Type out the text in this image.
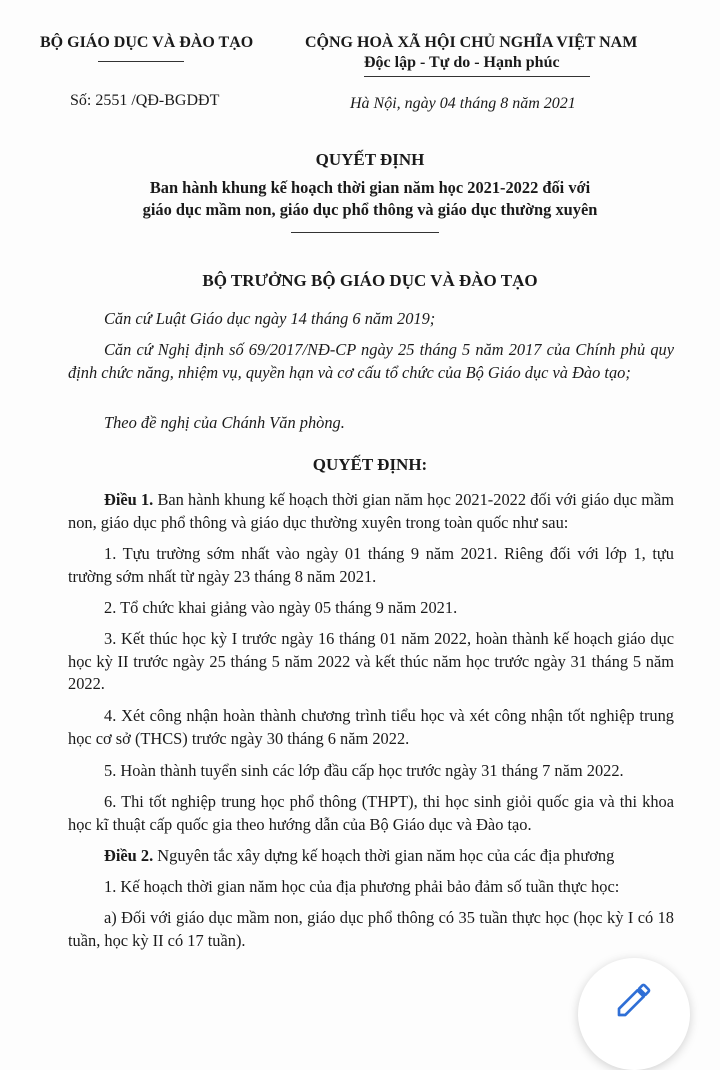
BỘ GIÁO DỤC VÀ ĐÀO TẠO	CỘNG HOÀ XÃ HỘI CHỦ NGHĨA VIỆT NAM
Độc lập - Tự do - Hạnh phúc
Số: 2551 /QĐ-BGDĐT	Hà Nội, ngày 04 tháng 8 năm 2021
QUYẾT ĐỊNH
Ban hành khung kế hoạch thời gian năm học 2021-2022 đối với
giáo dục mầm non, giáo dục phổ thông và giáo dục thường xuyên
BỘ TRƯỞNG BỘ GIÁO DỤC VÀ ĐÀO TẠO
Căn cứ Luật Giáo dục ngày 14 tháng 6 năm 2019;
Căn cứ Nghị định số 69/2017/NĐ-CP ngày 25 tháng 5 năm 2017 của Chính phủ quy định chức năng, nhiệm vụ, quyền hạn và cơ cấu tổ chức của Bộ Giáo dục và Đào tạo;
Theo đề nghị của Chánh Văn phòng.
QUYẾT ĐỊNH:
Điều 1. Ban hành khung kế hoạch thời gian năm học 2021-2022 đối với giáo dục mầm non, giáo dục phổ thông và giáo dục thường xuyên trong toàn quốc như sau:
1. Tựu trường sớm nhất vào ngày 01 tháng 9 năm 2021. Riêng đối với lớp 1, tựu trường sớm nhất từ ngày 23 tháng 8 năm 2021.
2. Tổ chức khai giảng vào ngày 05 tháng 9 năm 2021.
3. Kết thúc học kỳ I trước ngày 16 tháng 01 năm 2022, hoàn thành kế hoạch giáo dục học kỳ II trước ngày 25 tháng 5 năm 2022 và kết thúc năm học trước ngày 31 tháng 5 năm 2022.
4. Xét công nhận hoàn thành chương trình tiểu học và xét công nhận tốt nghiệp trung học cơ sở (THCS) trước ngày 30 tháng 6 năm 2022.
5. Hoàn thành tuyển sinh các lớp đầu cấp học trước ngày 31 tháng 7 năm 2022.
6. Thi tốt nghiệp trung học phổ thông (THPT), thi học sinh giỏi quốc gia và thi khoa học kĩ thuật cấp quốc gia theo hướng dẫn của Bộ Giáo dục và Đào tạo.
Điều 2. Nguyên tắc xây dựng kế hoạch thời gian năm học của các địa phương
1. Kế hoạch thời gian năm học của địa phương phải bảo đảm số tuần thực học:
a) Đối với giáo dục mầm non, giáo dục phổ thông có 35 tuần thực học (học kỳ I có 18 tuần, học kỳ II có 17 tuần).
